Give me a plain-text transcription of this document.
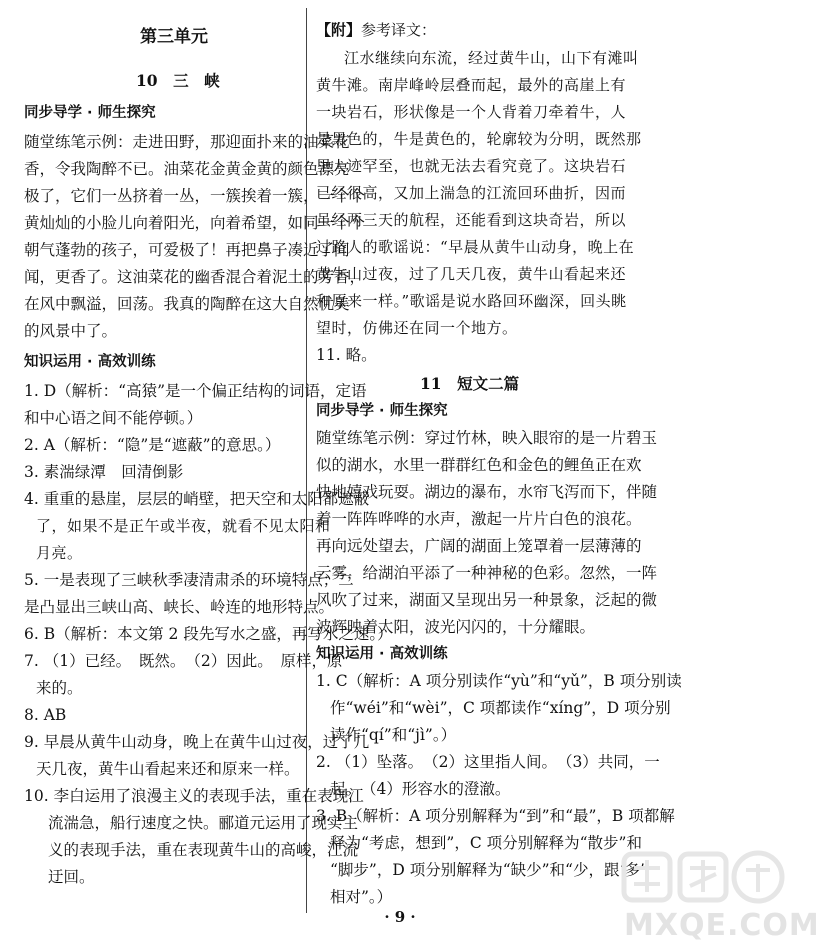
第三单元
10　三　峡
同步导学 · 师生探究
随堂练笔示例：走进田野，那迎面扑来的油菜花
香，令我陶醉不已。油菜花金黄金黄的颜色漂亮
极了，它们一丛挤着一丛，一簇挨着一簇，一个个
黄灿灿的小脸儿向着阳光，向着希望，如同一个个
朝气蓬勃的孩子，可爱极了！再把鼻子凑近了闻
闻，更香了。这油菜花的幽香混合着泥土的芳香，
在风中飘溢，回荡。我真的陶醉在这大自然优美
的风景中了。
知识运用 · 高效训练
1. D（解析：“高猿”是一个偏正结构的词语，定语
和中心语之间不能停顿。）
2. A（解析：“隐”是“遮蔽”的意思。）
3. 素湍绿潭　回清倒影
4. 重重的悬崖，层层的峭壁，把天空和太阳都遮蔽
了，如果不是正午或半夜，就看不见太阳和
月亮。
5. 一是表现了三峡秋季凄清肃杀的环境特点；二
是凸显出三峡山高、峡长、岭连的地形特点。
6. B（解析：本文第 2 段先写水之盛，再写水之速。）
7. （1）已经。　既然。　（2）因此。　原样，原
来的。
8. AB
9. 早晨从黄牛山动身，晚上在黄牛山过夜，过了几
天几夜，黄牛山看起来还和原来一样。
10. 李白运用了浪漫主义的表现手法，重在表现江
流湍急，船行速度之快。郦道元运用了现实主
义的表现手法，重在表现黄牛山的高峻，江流
迂回。
【附】参考译文：
江水继续向东流，经过黄牛山，山下有滩叫
黄牛滩。南岸峰岭层叠而起，最外的高崖上有
一块岩石，形状像是一个人背着刀牵着牛，人
是黑色的，牛是黄色的，轮廓较为分明，既然那
里人迹罕至，也就无法去看究竟了。这块岩石
已经很高，又加上湍急的江流回环曲折，因而
虽经两三天的航程，还能看到这块奇岩，所以
过路人的歌谣说：“早晨从黄牛山动身，晚上在
黄牛山过夜，过了几天几夜，黄牛山看起来还
和原来一样。”歌谣是说水路回环幽深，回头眺
望时，仿佛还在同一个地方。
11. 略。
11　短文二篇
同步导学 · 师生探究
随堂练笔示例：穿过竹林，映入眼帘的是一片碧玉
似的湖水，水里一群群红色和金色的鲤鱼正在欢
快地嬉戏玩耍。湖边的瀑布，水帘飞泻而下，伴随
着一阵阵哗哗的水声，激起一片片白色的浪花。
再向远处望去，广阔的湖面上笼罩着一层薄薄的
云雾，给湖泊平添了一种神秘的色彩。忽然，一阵
风吹了过来，湖面又呈现出另一种景象，泛起的微
波辉映着太阳，波光闪闪的，十分耀眼。
知识运用 · 高效训练
1. C（解析：A 项分别读作“yù”和“yǔ”，B 项分别读
作“wéi”和“wèi”，C 项都读作“xíng”，D 项分别
读作“qí”和“jì”。）
2. （1）坠落。　（2）这里指人间。　（3）共同，一
起。　（4）形容水的澄澈。
3. B（解析：A 项分别解释为“到”和“最”，B 项都解
释为“考虑，想到”，C 项分别解释为“散步”和
“脚步”，D 项分别解释为“缺少”和“少，跟‘多’
相对”。）
· 9 ·	MXQE.COM
